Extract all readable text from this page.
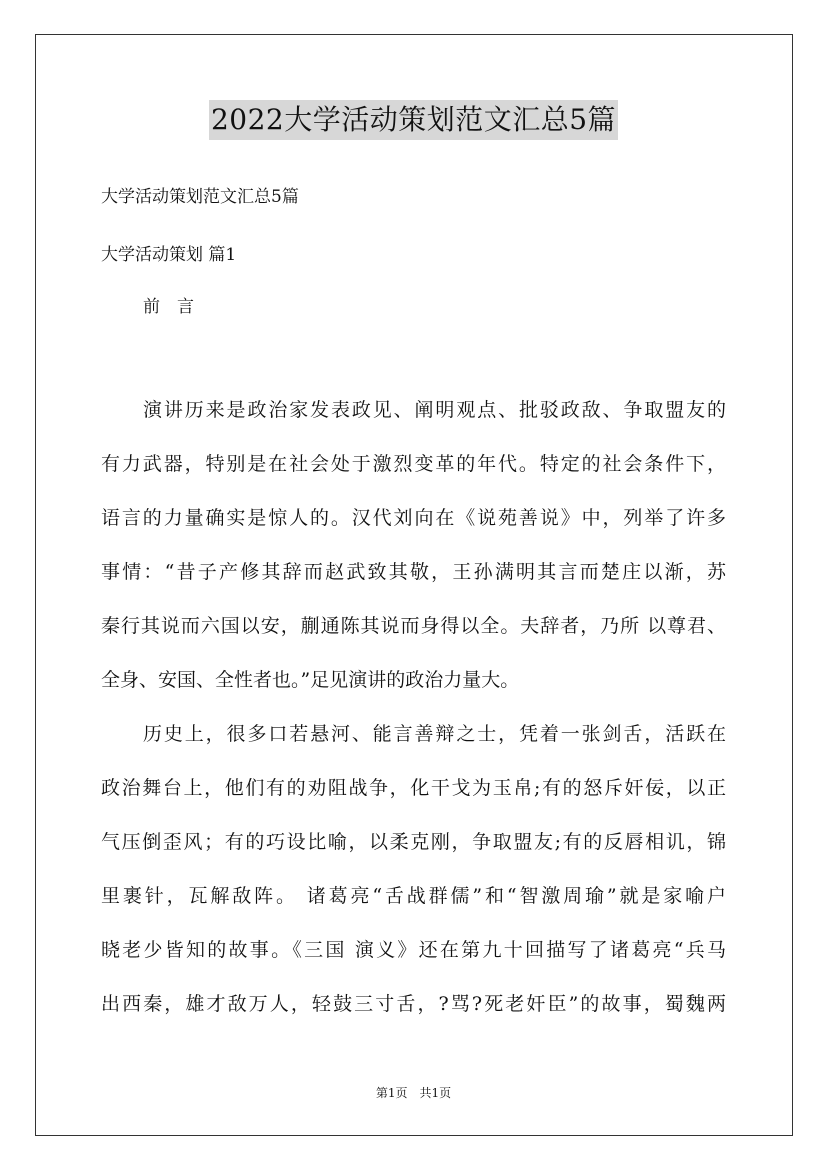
2022大学活动策划范文汇总5篇
大学活动策划范文汇总5篇
大学活动策划 篇1
前　言
演讲历来是政治家发表政见、阐明观点、批驳政敌、争取盟友的
有力武器，特别是在社会处于激烈变革的年代。特定的社会条件下，
语言的力量确实是惊人的。汉代刘向在《说苑善说》中，列举了许多
事情：“昔子产修其辞而赵武致其敬，王孙满明其言而楚庄以渐，苏
秦行其说而六国以安，蒯通陈其说而身得以全。夫辞者，乃所 以尊君、
全身、安国、全性者也。”足见演讲的政治力量大。
历史上，很多口若悬河、能言善辩之士，凭着一张剑舌，活跃在
政治舞台上，他们有的劝阻战争，化干戈为玉帛;有的怒斥奸佞，以正
气压倒歪风；有的巧设比喻，以柔克刚，争取盟友;有的反唇相讥，锦
里裹针，瓦解敌阵。 诸葛亮“舌战群儒”和“智激周瑜”就是家喻户
晓老少皆知的故事。《三国 演义》还在第九十回描写了诸葛亮“兵马
出西秦，雄才敌万人，轻鼓三寸舌，?骂?死老奸臣”的故事，蜀魏两
第1页　共1页
